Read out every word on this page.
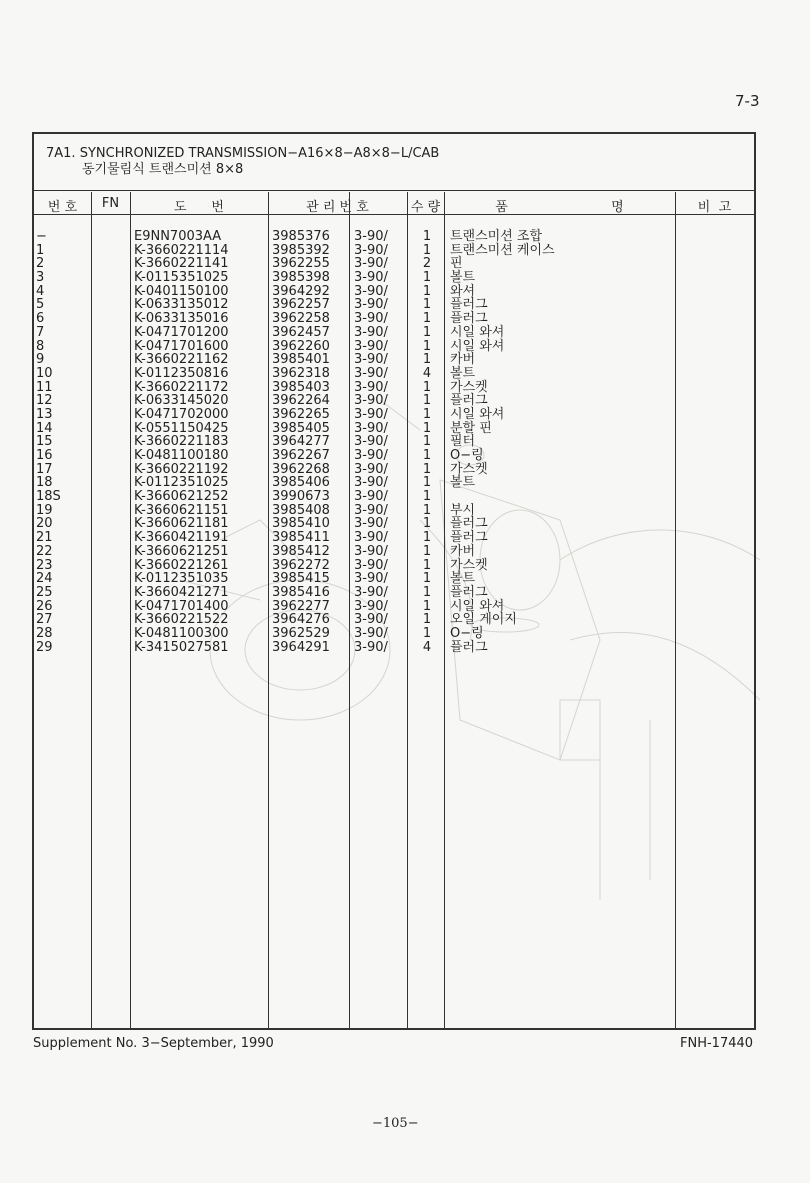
7-3
7A1. SYNCHRONIZED TRANSMISSION−A16×8−A8×8−L/CAB
동기물림식 트랜스미션 8×8
번 호	FN	도      번	관 리 번 호	수 량	품                         명	비  고
−	E9NN7003AA	3985376 3-90/	1 트랜스미션 조합
1	K-3660221114	3985392 3-90/	1 트랜스미션 케이스
2	K-3660221141	3962255 3-90/	2 핀
3	K-0115351025	3985398 3-90/	1 볼트
4	K-0401150100	3964292 3-90/	1 와셔
5	K-0633135012	3962257 3-90/	1 플러그
6	K-0633135016	3962258 3-90/	1 플러그
7	K-0471701200	3962457 3-90/	1 시일 와셔
8	K-0471701600	3962260 3-90/	1 시일 와셔
9	K-3660221162	3985401 3-90/	1 카버
10	K-0112350816	3962318 3-90/	4 볼트
11	K-3660221172	3985403 3-90/	1 가스켓
12	K-0633145020	3962264 3-90/	1 플러그
13	K-0471702000	3962265 3-90/	1 시일 와셔
14	K-0551150425	3985405 3-90/	1 분할 핀
15	K-3660221183	3964277 3-90/	1 필터
16	K-0481100180	3962267 3-90/	1 O−링
17	K-3660221192	3962268 3-90/	1 가스켓
18	K-0112351025	3985406 3-90/	1 볼트
18S	K-3660621252	3990673 3-90/	1
19	K-3660621151	3985408 3-90/	1 부시
20	K-3660621181	3985410 3-90/	1 플러그
21	K-3660421191	3985411 3-90/	1 플러그
22	K-3660621251	3985412 3-90/	1 카버
23	K-3660221261	3962272 3-90/	1 가스켓
24	K-0112351035	3985415 3-90/	1 볼트
25	K-3660421271	3985416 3-90/	1 플러그
26	K-0471701400	3962277 3-90/	1 시일 와셔
27	K-3660221522	3964276 3-90/	1 오일 게이지
28	K-0481100300	3962529 3-90/	1 O−링
29	K-3415027581	3964291 3-90/	4 플러그
Supplement No. 3−September, 1990	FNH-17440
−105−
